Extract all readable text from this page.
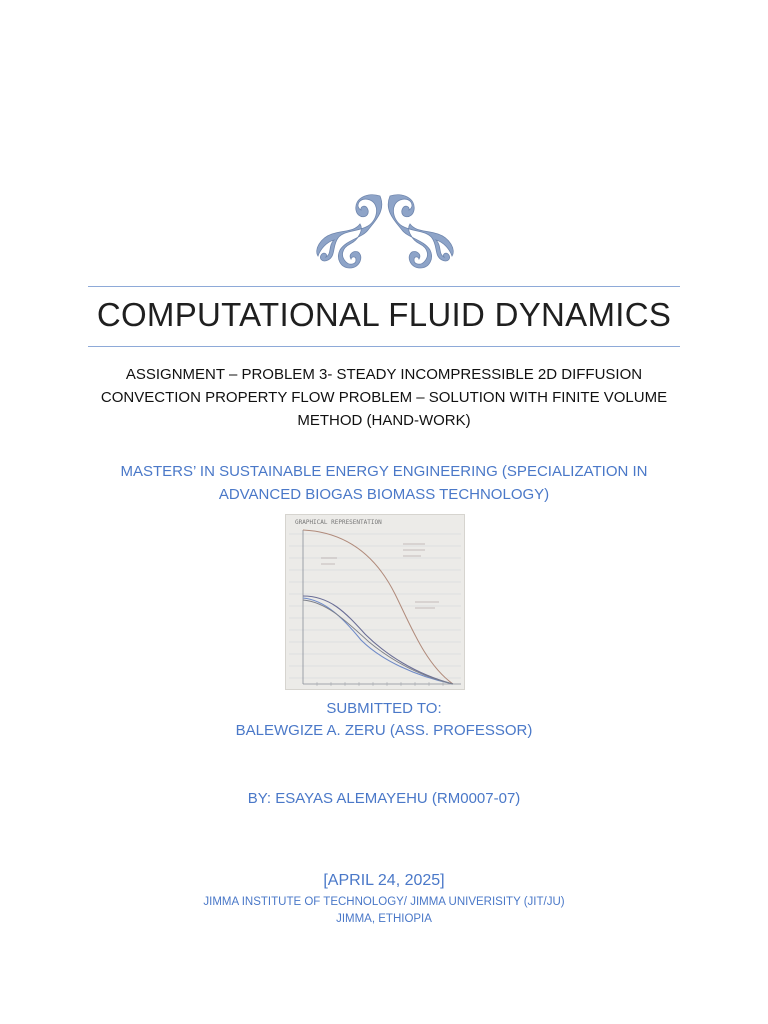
COMPUTATIONAL FLUID DYNAMICS
ASSIGNMENT – PROBLEM 3- STEADY INCOMPRESSIBLE 2D DIFFUSION CONVECTION PROPERTY FLOW PROBLEM – SOLUTION WITH FINITE VOLUME METHOD (HAND-WORK)
MASTERS’ IN SUSTAINABLE ENERGY ENGINEERING (SPECIALIZATION IN ADVANCED BIOGAS BIOMASS TECHNOLOGY)
GRAPHICAL REPRESENTATION
SUBMITTED TO:
BALEWGIZE A. ZERU (ASS. PROFESSOR)
BY: ESAYAS ALEMAYEHU (RM0007-07)
[APRIL 24, 2025]
JIMMA INSTITUTE OF TECHNOLOGY/ JIMMA UNIVERISITY (JIT/JU)
JIMMA, ETHIOPIA
